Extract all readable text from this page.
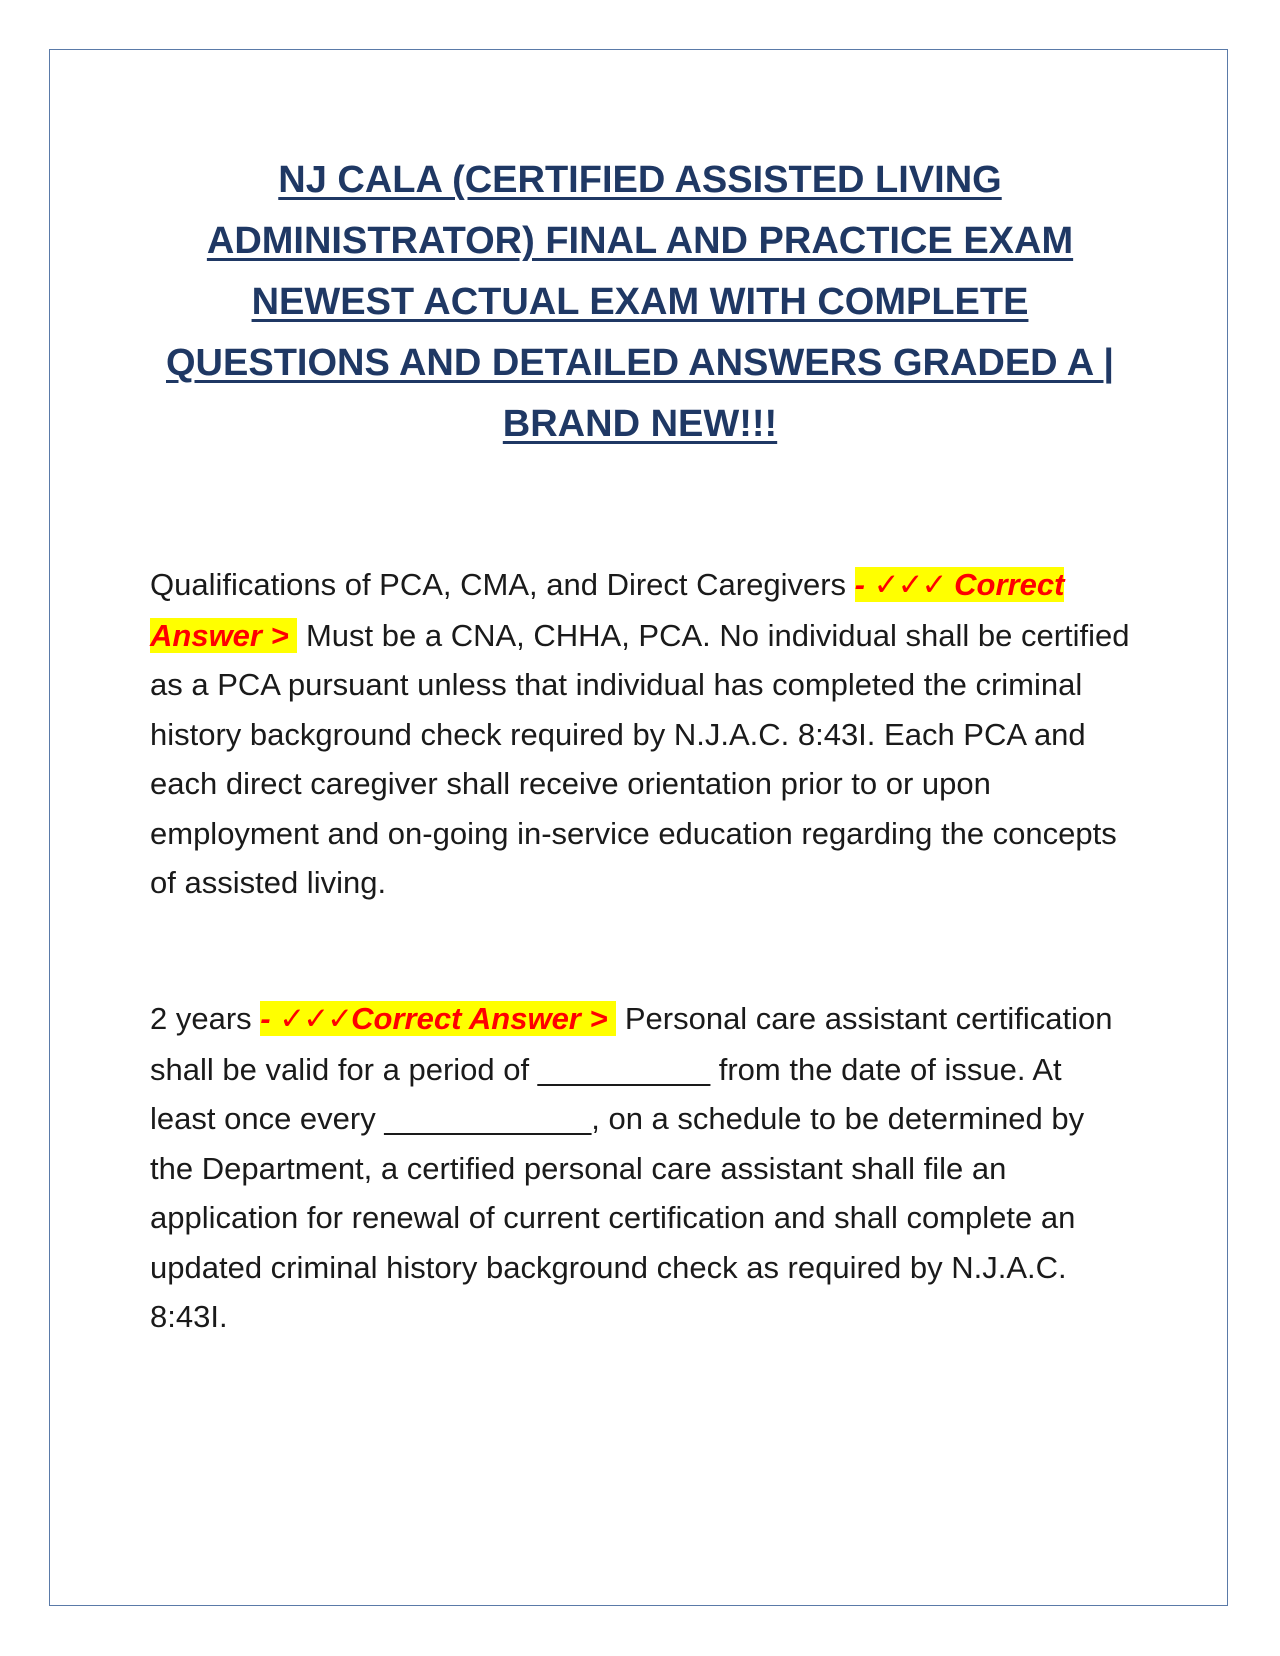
NJ CALA (CERTIFIED ASSISTED LIVING ADMINISTRATOR) FINAL AND PRACTICE EXAM NEWEST ACTUAL EXAM WITH COMPLETE QUESTIONS AND DETAILED ANSWERS GRADED A | BRAND NEW!!!
Qualifications of PCA, CMA, and Direct Caregivers - ✓✓✓ Correct Answer > Must be a CNA, CHHA, PCA. No individual shall be certified as a PCA pursuant unless that individual has completed the criminal history background check required by N.J.A.C. 8:43I. Each PCA and each direct caregiver shall receive orientation prior to or upon employment and on-going in-service education regarding the concepts of assisted living.
2 years - ✓✓✓Correct Answer > Personal care assistant certification shall be valid for a period of __________ from the date of issue. At least once every ____________, on a schedule to be determined by the Department, a certified personal care assistant shall file an application for renewal of current certification and shall complete an updated criminal history background check as required by N.J.A.C. 8:43I.
